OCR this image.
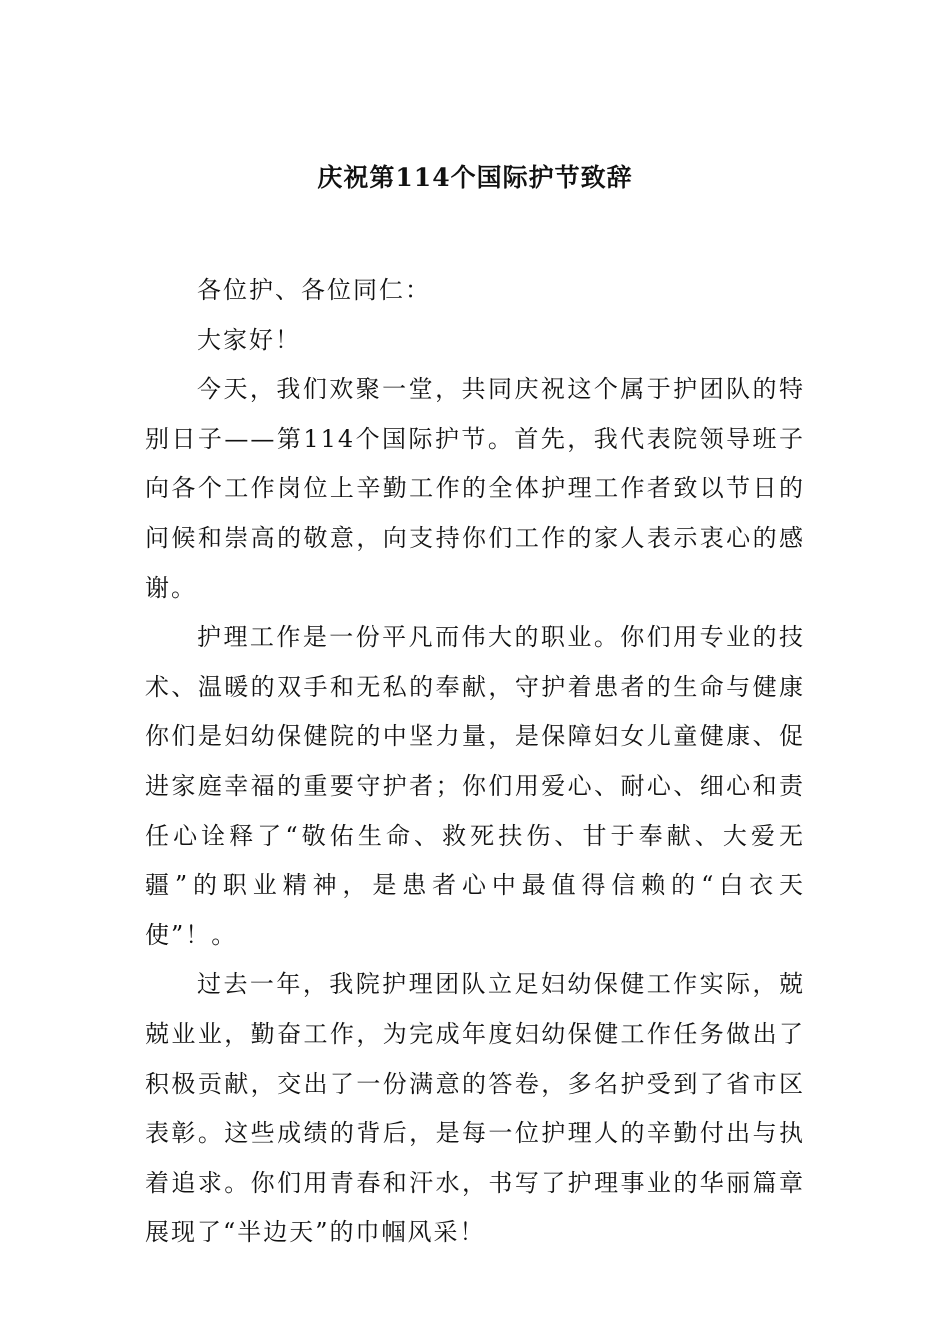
庆祝第114个国际护节致辞

各位护、各位同仁：

大家好！

今天，我们欢聚一堂，共同庆祝这个属于护团队的特别日子——第114个国际护节。首先，我代表院领导班子向各个工作岗位上辛勤工作的全体护理工作者致以节日的问候和崇高的敬意，向支持你们工作的家人表示衷心的感谢。

护理工作是一份平凡而伟大的职业。你们用专业的技术、温暖的双手和无私的奉献，守护着患者的生命与健康你们是妇幼保健院的中坚力量，是保障妇女儿童健康、促进家庭幸福的重要守护者；你们用爱心、耐心、细心和责任心诠释了“敬佑生命、救死扶伤、甘于奉献、大爱无疆”的职业精神，是患者心中最值得信赖的“白衣天使”！。

过去一年，我院护理团队立足妇幼保健工作实际，兢兢业业，勤奋工作，为完成年度妇幼保健工作任务做出了积极贡献，交出了一份满意的答卷，多名护受到了省市区表彰。这些成绩的背后，是每一位护理人的辛勤付出与执着追求。你们用青春和汗水，书写了护理事业的华丽篇章展现了“半边天”的巾帼风采！
